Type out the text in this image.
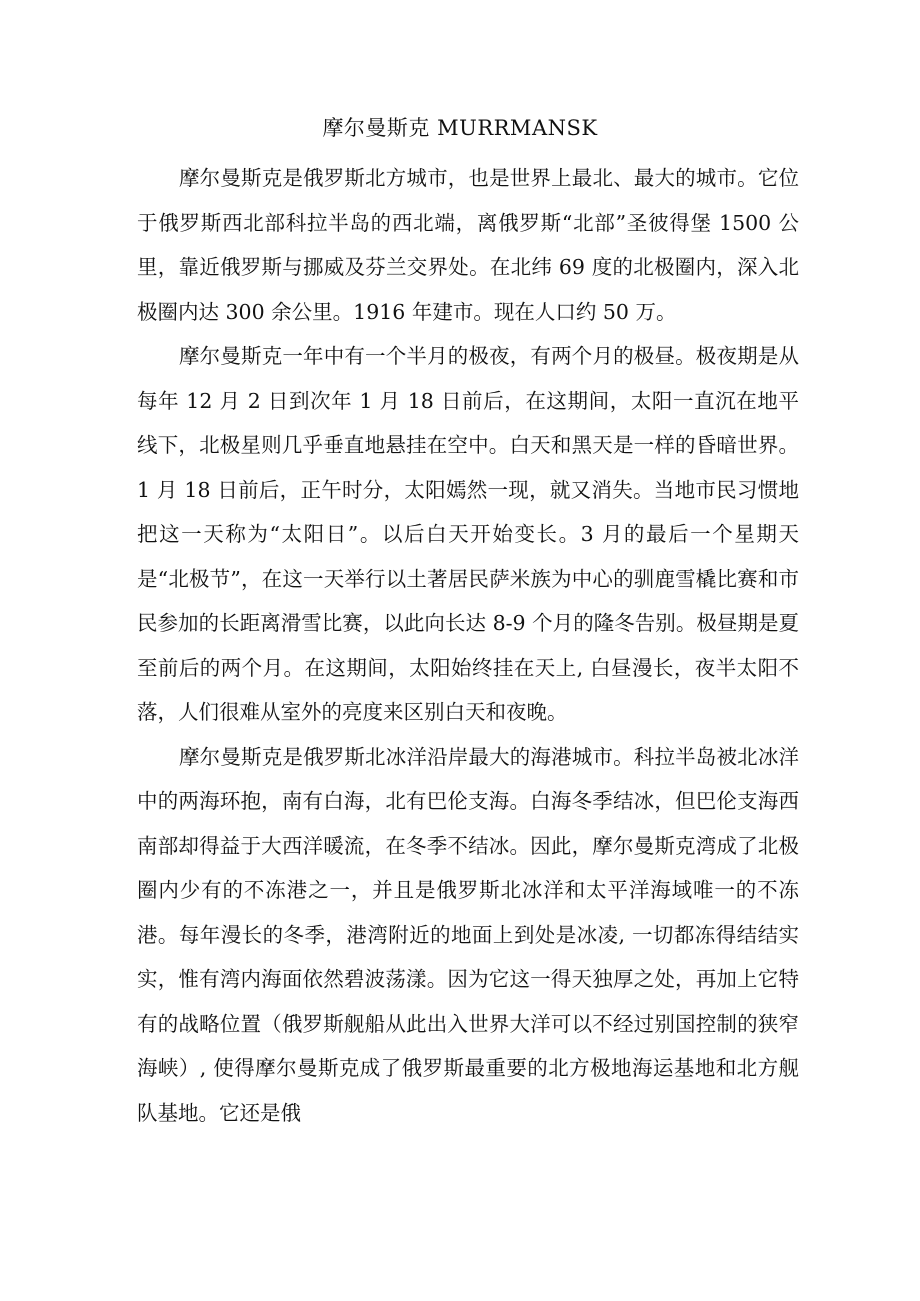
摩尔曼斯克 MURRMANSK

摩尔曼斯克是俄罗斯北方城市，也是世界上最北、最大的城市。它位于俄罗斯西北部科拉半岛的西北端，离俄罗斯“北部”圣彼得堡 1500 公里，靠近俄罗斯与挪威及芬兰交界处。在北纬 69 度的北极圈内，深入北极圈内达 300 余公里。1916 年建市。现在人口约 50 万。

摩尔曼斯克一年中有一个半月的极夜，有两个月的极昼。极夜期是从每年 12 月 2 日到次年 1 月 18 日前后，在这期间，太阳一直沉在地平线下，北极星则几乎垂直地悬挂在空中。白天和黑天是一样的昏暗世界。1 月 18 日前后，正午时分，太阳嫣然一现，就又消失。当地市民习惯地把这一天称为“太阳日”。以后白天开始变长。3 月的最后一个星期天是“北极节”，在这一天举行以土著居民萨米族为中心的驯鹿雪橇比赛和市民参加的长距离滑雪比赛，以此向长达 8-9 个月的隆冬告别。极昼期是夏至前后的两个月。在这期间，太阳始终挂在天上, 白昼漫长，夜半太阳不落，人们很难从室外的亮度来区别白天和夜晚。

摩尔曼斯克是俄罗斯北冰洋沿岸最大的海港城市。科拉半岛被北冰洋中的两海环抱，南有白海，北有巴伦支海。白海冬季结冰，但巴伦支海西南部却得益于大西洋暖流，在冬季不结冰。因此，摩尔曼斯克湾成了北极圈内少有的不冻港之一，并且是俄罗斯北冰洋和太平洋海域唯一的不冻港。每年漫长的冬季，港湾附近的地面上到处是冰凌, 一切都冻得结结实实，惟有湾内海面依然碧波荡漾。因为它这一得天独厚之处，再加上它特有的战略位置（俄罗斯舰船从此出入世界大洋可以不经过别国控制的狭窄海峡）, 使得摩尔曼斯克成了俄罗斯最重要的北方极地海运基地和北方舰队基地。它还是俄
